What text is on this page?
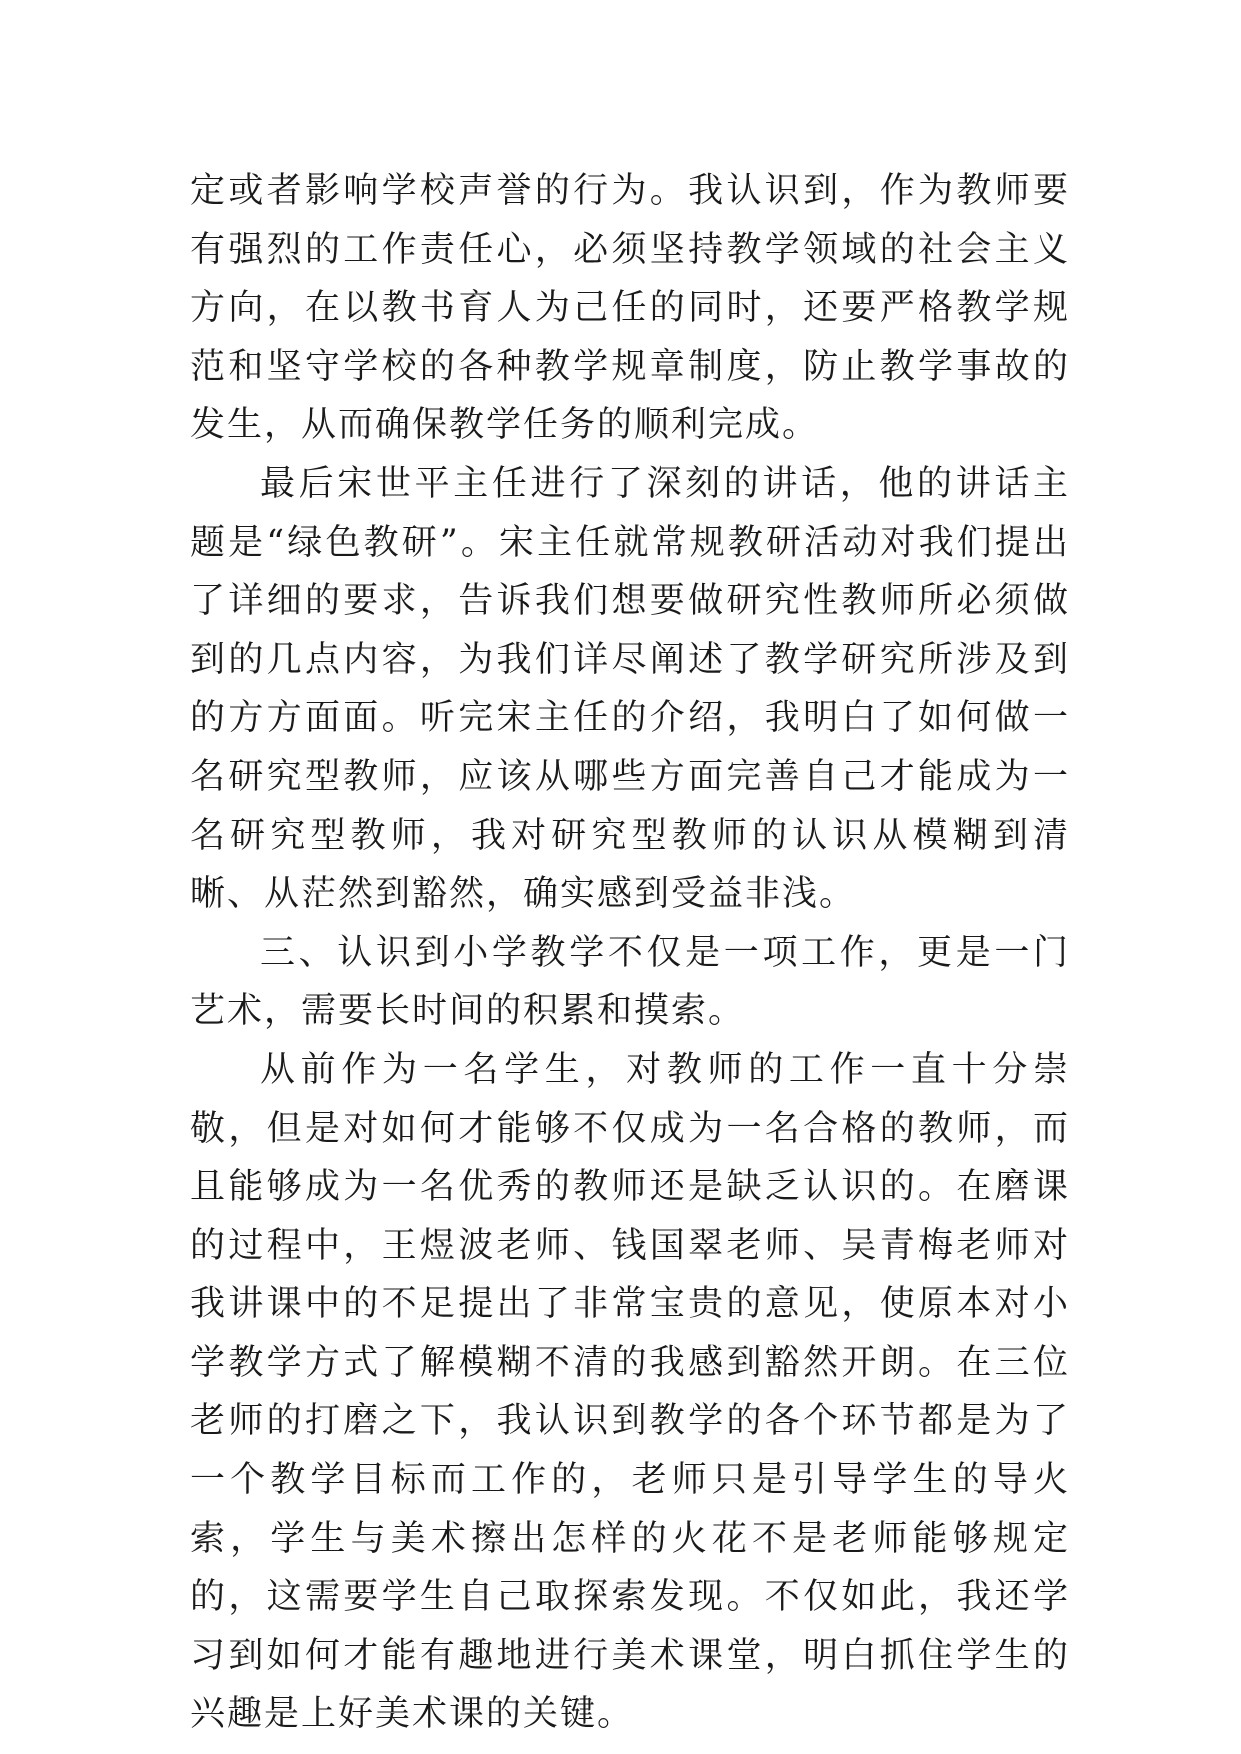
定或者影响学校声誉的行为。我认识到，作为教师要有强烈的工作责任心，必须坚持教学领域的社会主义方向，在以教书育人为己任的同时，还要严格教学规范和坚守学校的各种教学规章制度，防止教学事故的发生，从而确保教学任务的顺利完成。

最后宋世平主任进行了深刻的讲话，他的讲话主题是“绿色教研”。宋主任就常规教研活动对我们提出了详细的要求，告诉我们想要做研究性教师所必须做到的几点内容，为我们详尽阐述了教学研究所涉及到的方方面面。听完宋主任的介绍，我明白了如何做一名研究型教师，应该从哪些方面完善自己才能成为一名研究型教师，我对研究型教师的认识从模糊到清晰、从茫然到豁然，确实感到受益非浅。

三、认识到小学教学不仅是一项工作，更是一门艺术，需要长时间的积累和摸索。

从前作为一名学生，对教师的工作一直十分崇敬，但是对如何才能够不仅成为一名合格的教师，而且能够成为一名优秀的教师还是缺乏认识的。在磨课的过程中，王煜波老师、钱国翠老师、吴青梅老师对我讲课中的不足提出了非常宝贵的意见，使原本对小学教学方式了解模糊不清的我感到豁然开朗。在三位老师的打磨之下，我认识到教学的各个环节都是为了一个教学目标而工作的，老师只是引导学生的导火索，学生与美术擦出怎样的火花不是老师能够规定的，这需要学生自己取探索发现。不仅如此，我还学习到如何才能有趣地进行美术课堂，明白抓住学生的兴趣是上好美术课的关键。
